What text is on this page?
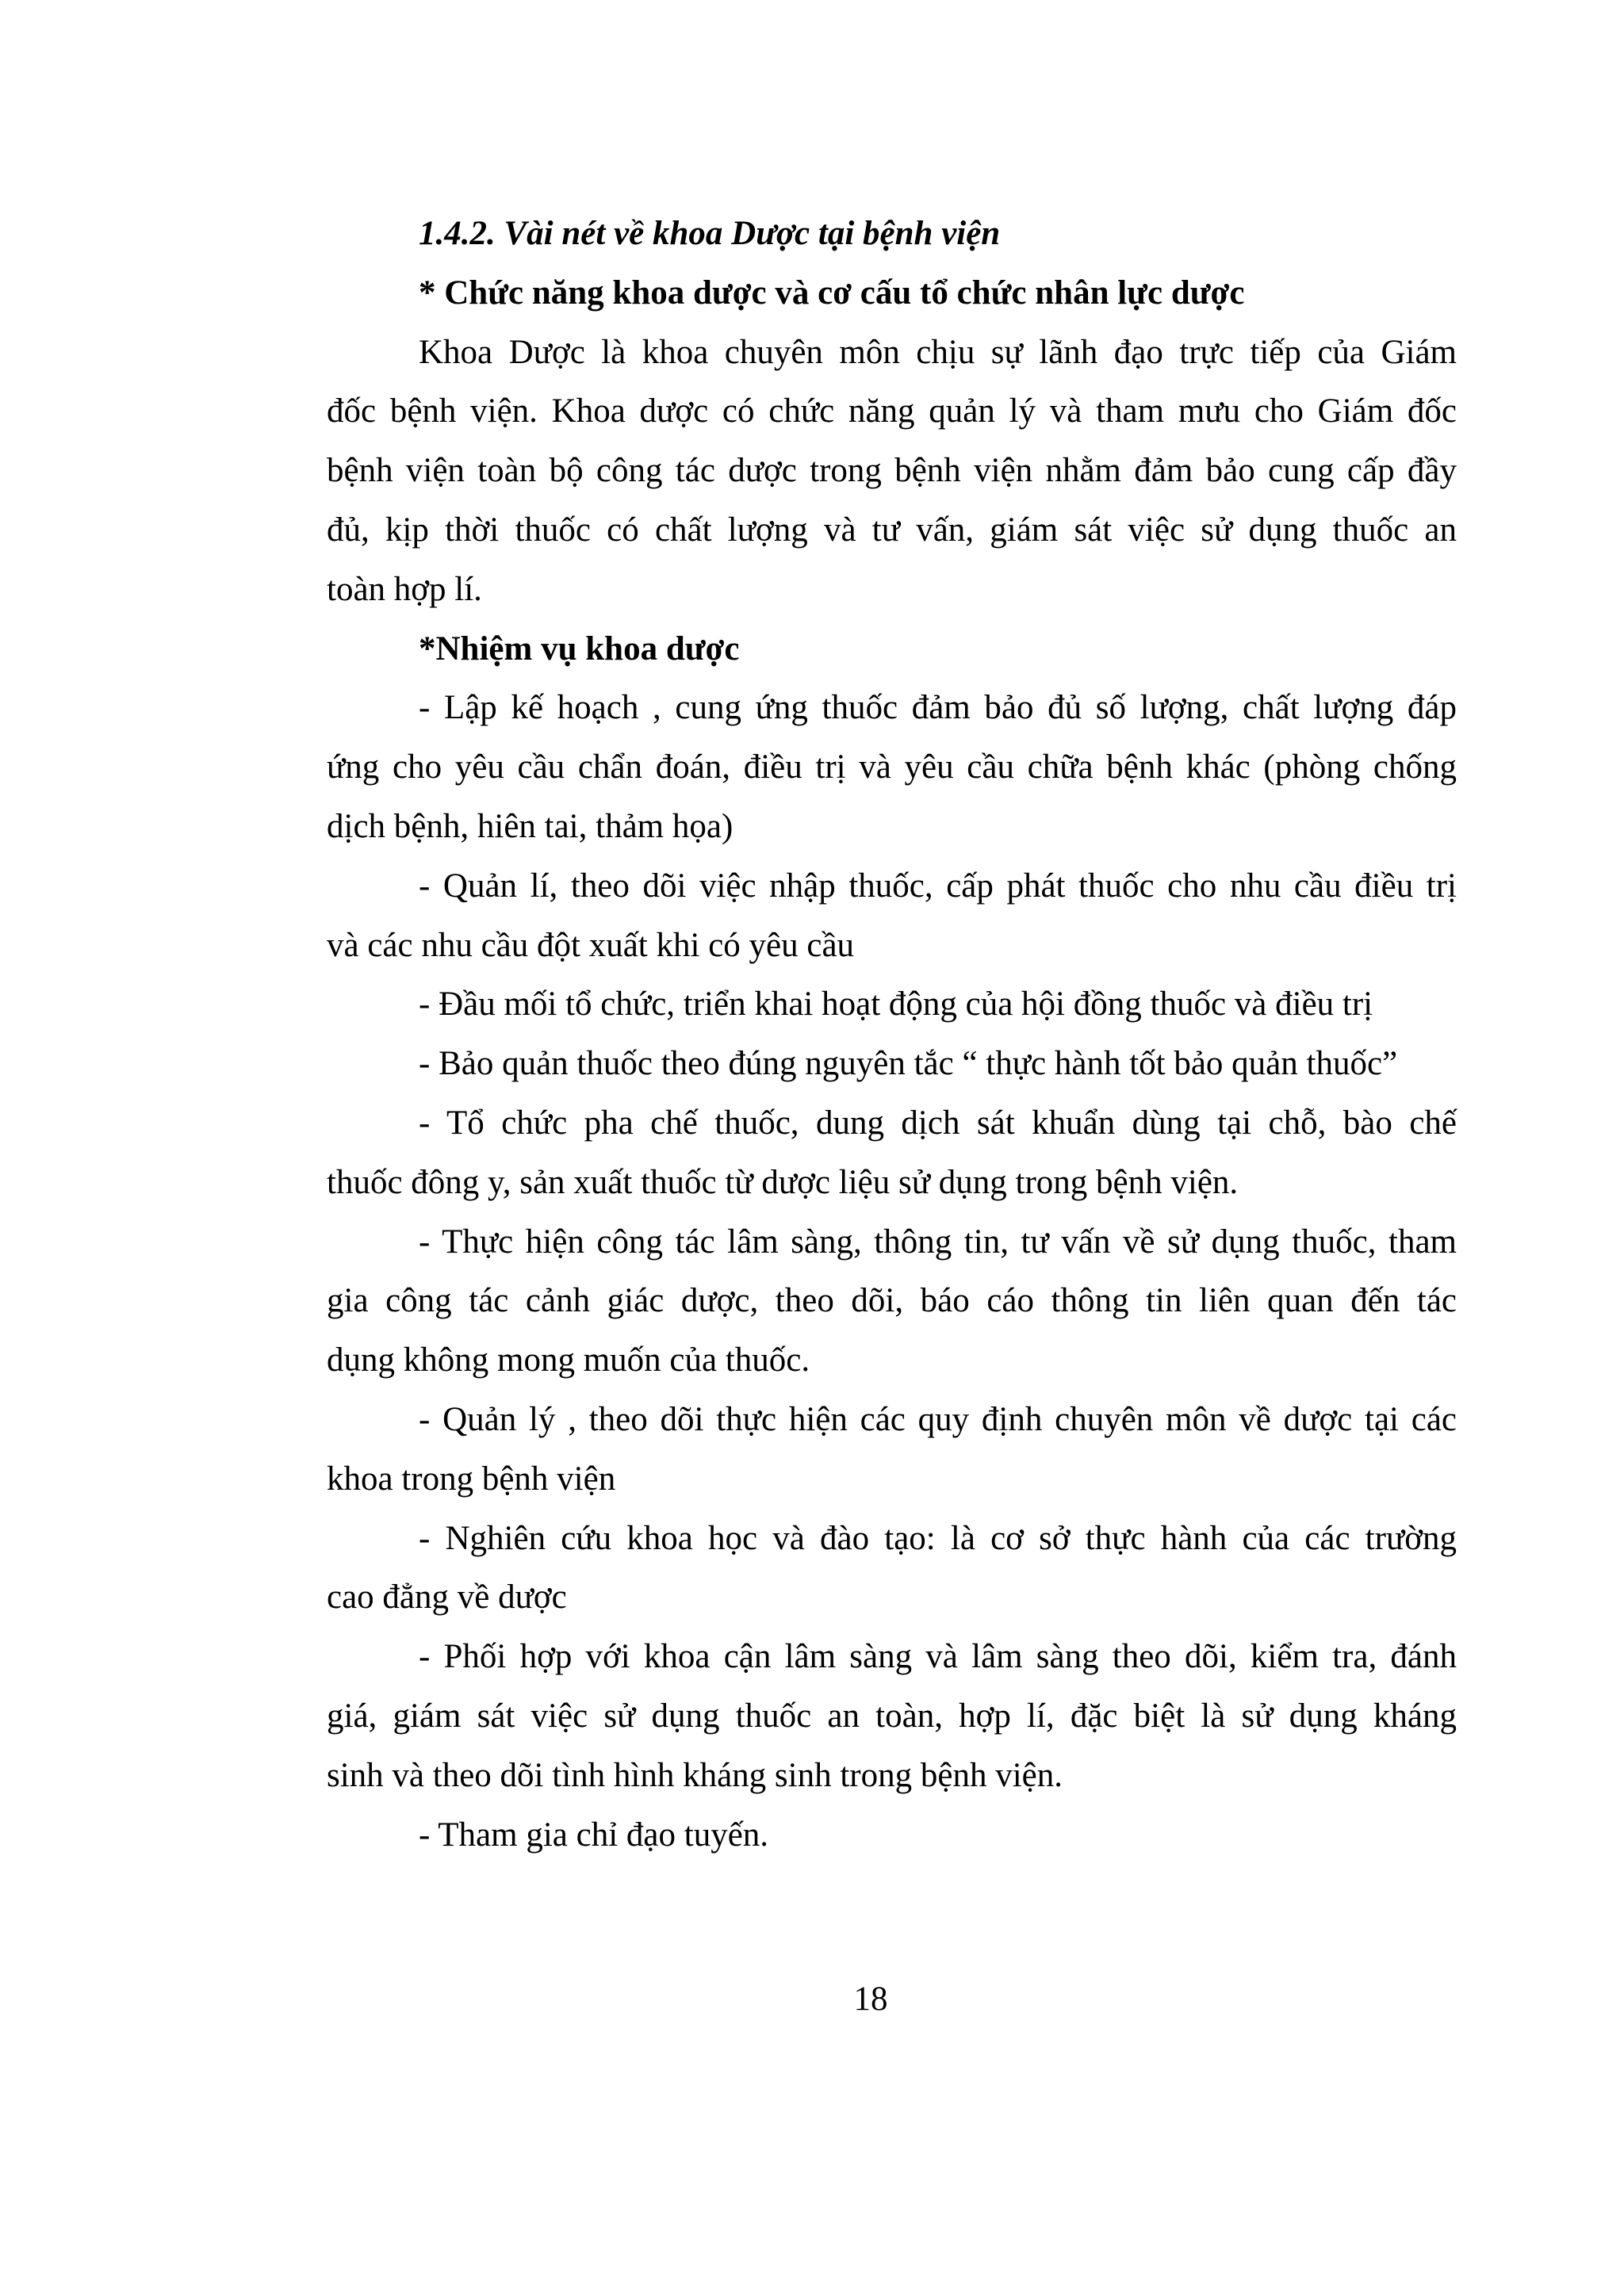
1.4.2. Vài nét về khoa Dược tại bệnh viện
* Chức năng khoa dược và cơ cấu tổ chức nhân lực dược
Khoa Dược là khoa chuyên môn chịu sự lãnh đạo trực tiếp của Giám
đốc bệnh viện. Khoa dược có chức năng quản lý và tham mưu cho Giám đốc
bệnh viện toàn bộ công tác dược trong bệnh viện nhằm đảm bảo cung cấp đầy
đủ, kịp thời thuốc có chất lượng và tư vấn, giám sát việc sử dụng thuốc an
toàn hợp lí.
*Nhiệm vụ khoa dược
- Lập kế hoạch , cung ứng thuốc đảm bảo đủ số lượng, chất lượng đáp
ứng cho yêu cầu chẩn đoán, điều trị và yêu cầu chữa bệnh khác (phòng chống
dịch bệnh, hiên tai, thảm họa)
- Quản lí, theo dõi việc nhập thuốc, cấp phát thuốc cho nhu cầu điều trị
và các nhu cầu đột xuất khi có yêu cầu
- Đầu mối tổ chức, triển khai hoạt động của hội đồng thuốc và điều trị
- Bảo quản thuốc theo đúng nguyên tắc “ thực hành tốt bảo quản thuốc”
- Tổ chức pha chế thuốc, dung dịch sát khuẩn dùng tại chỗ, bào chế
thuốc đông y, sản xuất thuốc từ dược liệu sử dụng trong bệnh viện.
- Thực hiện công tác lâm sàng, thông tin, tư vấn về sử dụng thuốc, tham
gia công tác cảnh giác dược, theo dõi, báo cáo thông tin liên quan đến tác
dụng không mong muốn của thuốc.
- Quản lý , theo dõi thực hiện các quy định chuyên môn về dược tại các
khoa trong bệnh viện
- Nghiên cứu khoa học và đào tạo: là cơ sở thực hành của các trường
cao đẳng về dược
- Phối hợp với khoa cận lâm sàng và lâm sàng theo dõi, kiểm tra, đánh
giá, giám sát việc sử dụng thuốc an toàn, hợp lí, đặc biệt là sử dụng kháng
sinh và theo dõi tình hình kháng sinh trong bệnh viện.
- Tham gia chỉ đạo tuyến.
18
